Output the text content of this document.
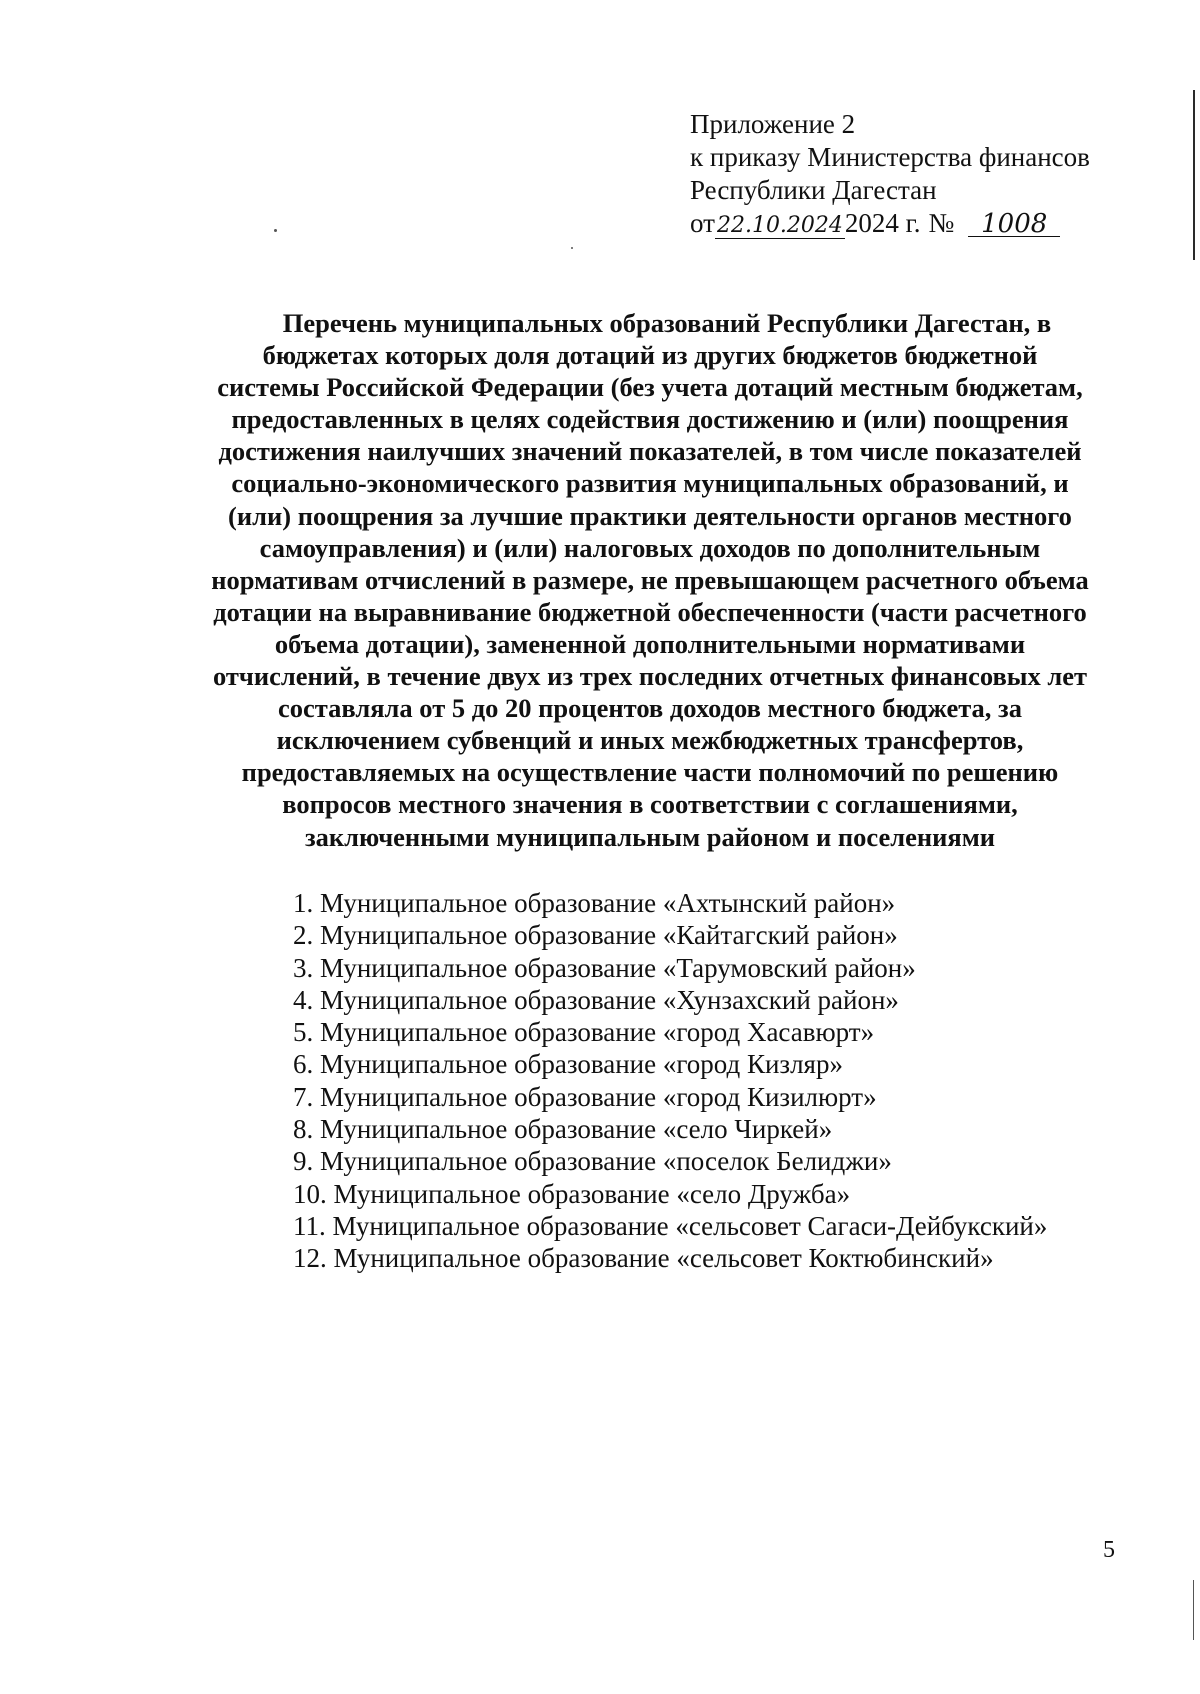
Приложение 2
к приказу Министерства финансов
Республики Дагестан
от 22.10.2024 2024 г. №	1008
Перечень муниципальных образований Республики Дагестан, в
бюджетах которых доля дотаций из других бюджетов бюджетной
системы Российской Федерации (без учета дотаций местным бюджетам,
предоставленных в целях содействия достижению и (или) поощрения
достижения наилучших значений показателей, в том числе показателей
социально-экономического развития муниципальных образований, и
(или) поощрения за лучшие практики деятельности органов местного
самоуправления) и (или) налоговых доходов по дополнительным
нормативам отчислений в размере, не превышающем расчетного объема
дотации на выравнивание бюджетной обеспеченности (части расчетного
объема дотации), замененной дополнительными нормативами
отчислений, в течение двух из трех последних отчетных финансовых лет
составляла от 5 до 20 процентов доходов местного бюджета, за
исключением субвенций и иных межбюджетных трансфертов,
предоставляемых на осуществление части полномочий по решению
вопросов местного значения в соответствии с соглашениями,
заключенными муниципальным районом и поселениями
1. Муниципальное образование «Ахтынский район»
2. Муниципальное образование «Кайтагский район»
3. Муниципальное образование «Тарумовский район»
4. Муниципальное образование «Хунзахский район»
5. Муниципальное образование «город Хасавюрт»
6. Муниципальное образование «город Кизляр»
7. Муниципальное образование «город Кизилюрт»
8. Муниципальное образование «село Чиркей»
9. Муниципальное образование «поселок Белиджи»
10. Муниципальное образование «село Дружба»
11. Муниципальное образование «сельсовет Сагаси-Дейбукский»
12. Муниципальное образование «сельсовет Коктюбинский»
5
